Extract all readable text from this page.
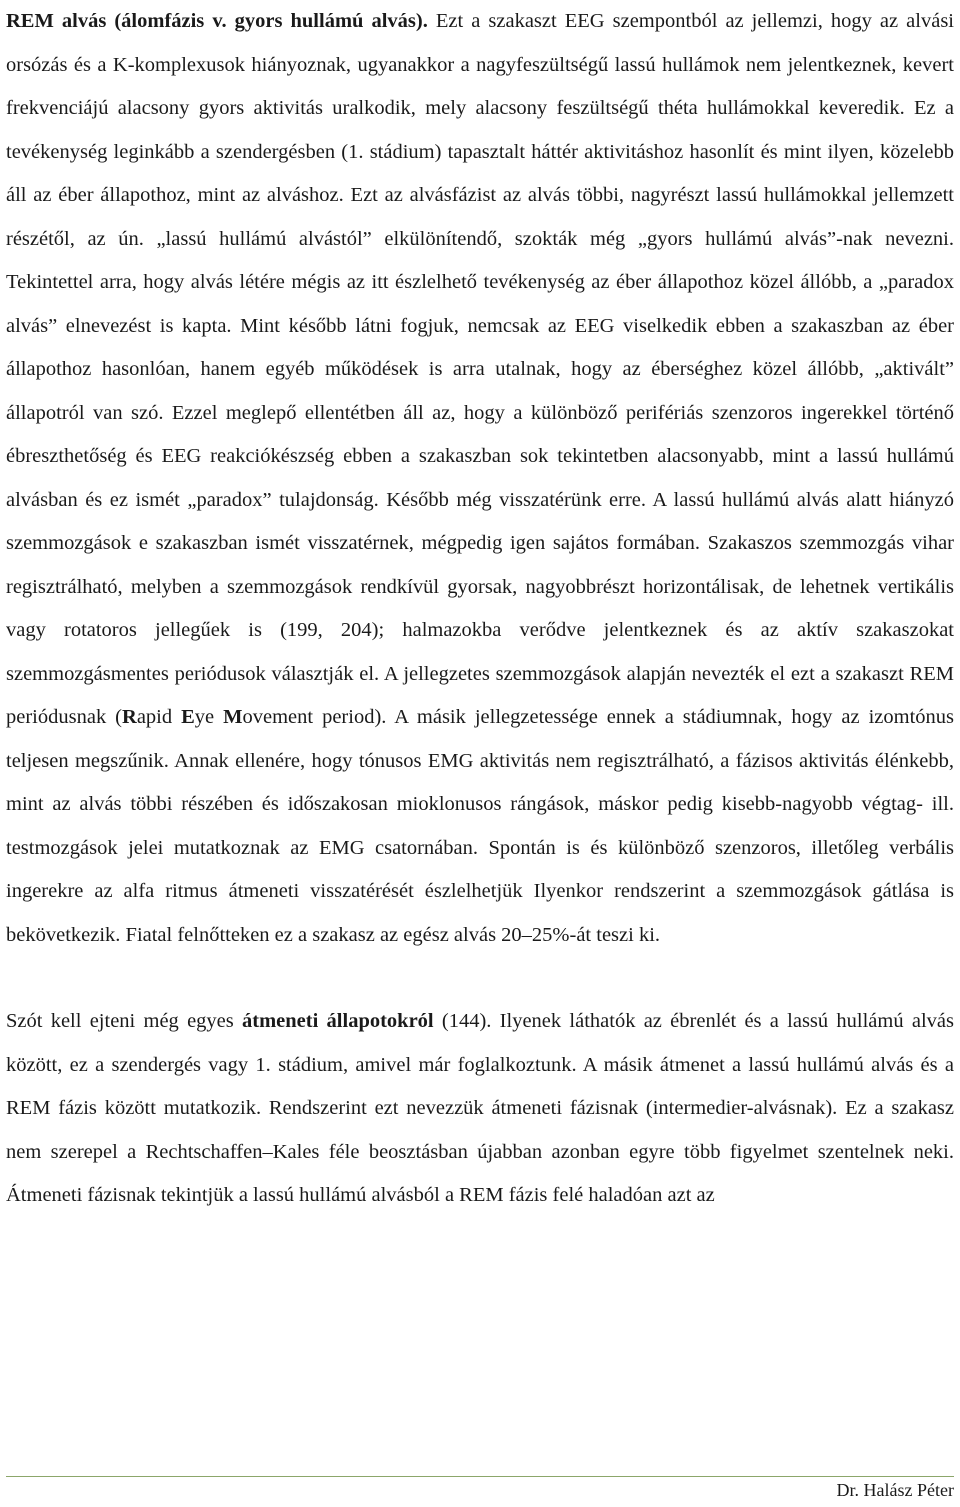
REM alvás (álomfázis v. gyors hullámú alvás). Ezt a szakaszt EEG szempontból az jellemzi, hogy az alvási orsózás és a K-komplexusok hiányoznak, ugyanakkor a nagyfeszültségű lassú hullámok nem jelentkeznek, kevert frekvenciájú alacsony gyors aktivitás uralkodik, mely alacsony feszültségű théta hullámokkal keveredik. Ez a tevékenység leginkább a szendergésben (1. stádium) tapasztalt háttér aktivitáshoz hasonlít és mint ilyen, közelebb áll az éber állapothoz, mint az alváshoz. Ezt az alvásfázist az alvás többi, nagyrészt lassú hullámokkal jellemzett részétől, az ún. „lassú hullámú alvástól” elkülönítendő, szokták még „gyors hullámú alvás”-nak nevezni. Tekintettel arra, hogy alvás létére mégis az itt észlelhető tevékenység az éber állapothoz közel állóbb, a „paradox alvás” elnevezést is kapta. Mint később látni fogjuk, nemcsak az EEG viselkedik ebben a szakaszban az éber állapothoz hasonlóan, hanem egyéb működések is arra utalnak, hogy az éberséghez közel állóbb, „aktivált” állapotról van szó. Ezzel meglepő ellentétben áll az, hogy a különböző perifériás szenzoros ingerekkel történő ébreszthetőség és EEG reakciókészség ebben a szakaszban sok tekintetben alacsonyabb, mint a lassú hullámú alvásban és ez ismét „paradox” tulajdonság. Később még visszatérünk erre. A lassú hullámú alvás alatt hiányzó szemmozgások e szakaszban ismét visszatérnek, mégpedig igen sajátos formában. Szakaszos szemmozgás vihar regisztrálható, melyben a szemmozgások rendkívül gyorsak, nagyobbrészt horizontálisak, de lehetnek vertikális vagy rotatoros jellegűek is (199, 204); halmazokba verődve jelentkeznek és az aktív szakaszokat szemmozgásmentes periódusok választják el. A jellegzetes szemmozgások alapján nevezték el ezt a szakaszt REM periódusnak (Rapid Eye Movement period). A másik jellegzetessége ennek a stádiumnak, hogy az izomtónus teljesen megszűnik. Annak ellenére, hogy tónusos EMG aktivitás nem regisztrálható, a fázisos aktivitás élénkebb, mint az alvás többi részében és időszakosan mioklonusos rángások, máskor pedig kisebb-nagyobb végtag- ill. testmozgások jelei mutatkoznak az EMG csatornában. Spontán is és különböző szenzoros, illetőleg verbális ingerekre az alfa ritmus átmeneti visszatérését észlelhetjük Ilyenkor rendszerint a szemmozgások gátlása is bekövetkezik. Fiatal felnőtteken ez a szakasz az egész alvás 20–25%-át teszi ki.

Szót kell ejteni még egyes átmeneti állapotokról (144). Ilyenek láthatók az ébrenlét és a lassú hullámú alvás között, ez a szendergés vagy 1. stádium, amivel már foglalkoztunk. A másik átmenet a lassú hullámú alvás és a REM fázis között mutatkozik. Rendszerint ezt nevezzük átmeneti fázisnak (intermedier-alvásnak). Ez a szakasz nem szerepel a Rechtschaffen–Kales féle beosztásban újabban azonban egyre több figyelmet szentelnek neki. Átmeneti fázisnak tekintjük a lassú hullámú alvásból a REM fázis felé haladóan azt az

Dr. Halász Péter
